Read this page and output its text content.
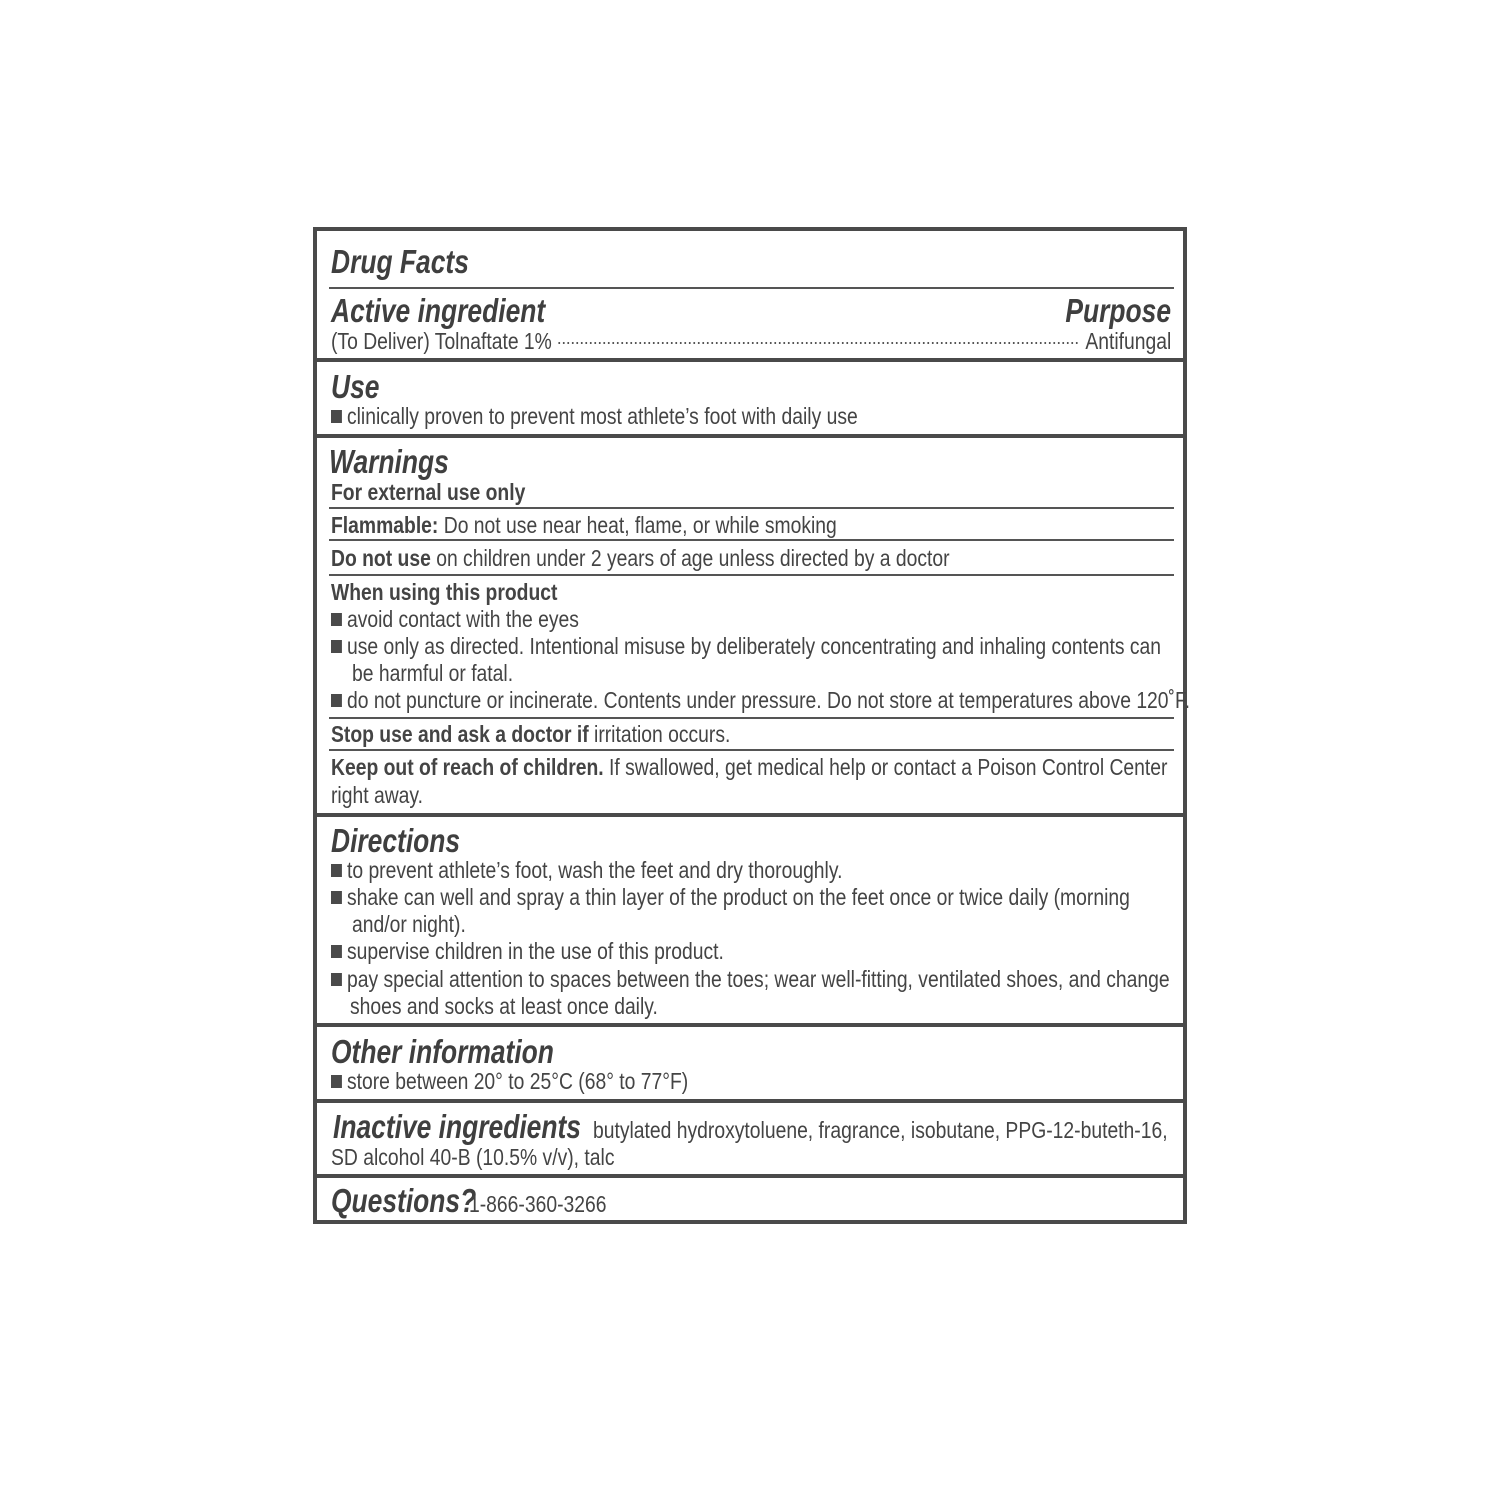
Drug Facts
Active ingredient	Purpose
(To Deliver) Tolnaftate 1%	Antifungal
Use
clinically proven to prevent most athlete’s foot with daily use
Warnings
For external use only
Flammable: Do not use near heat, flame, or while smoking
Do not use on children under 2 years of age unless directed by a doctor
When using this product
avoid contact with the eyes
use only as directed. Intentional misuse by deliberately concentrating and inhaling contents can
be harmful or fatal.
do not puncture or incinerate. Contents under pressure. Do not store at temperatures above 120˚F.
Stop use and ask a doctor if irritation occurs.
Keep out of reach of children. If swallowed, get medical help or contact a Poison Control Center
right away.
Directions
to prevent athlete’s foot, wash the feet and dry thoroughly.
shake can well and spray a thin layer of the product on the feet once or twice daily (morning
and/or night).
supervise children in the use of this product.
pay special attention to spaces between the toes; wear well-fitting, ventilated shoes, and change
shoes and socks at least once daily.
Other information
store between 20° to 25°C (68° to 77°F)
Inactive ingredients butylated hydroxytoluene, fragrance, isobutane, PPG-12-buteth-16,
SD alcohol 40-B (10.5% v/v), talc
Questions?
1-866-360-3266
